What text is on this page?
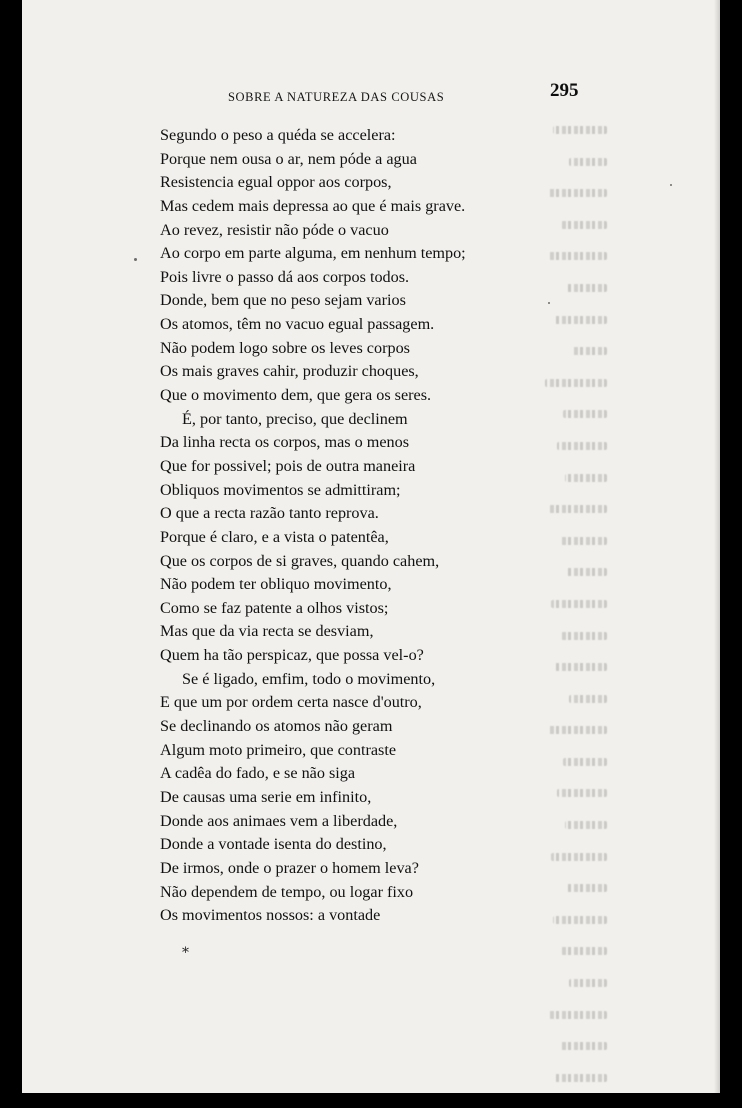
SOBRE A NATUREZA DAS COUSAS	295
Segundo o peso a quéda se accelera:
Porque nem ousa o ar, nem póde a agua
Resistencia egual oppor aos corpos,
Mas cedem mais depressa ao que é mais grave.
Ao revez, resistir não póde o vacuo
Ao corpo em parte alguma, em nenhum tempo;
Pois livre o passo dá aos corpos todos.
Donde, bem que no peso sejam varios
Os atomos, têm no vacuo egual passagem.
Não podem logo sobre os leves corpos
Os mais graves cahir, produzir choques,
Que o movimento dem, que gera os seres.
É, por tanto, preciso, que declinem
Da linha recta os corpos, mas o menos
Que for possivel; pois de outra maneira
Obliquos movimentos se admittiram;
O que a recta razão tanto reprova.
Porque é claro, e a vista o patentêa,
Que os corpos de si graves, quando cahem,
Não podem ter obliquo movimento,
Como se faz patente a olhos vistos;
Mas que da via recta se desviam,
Quem ha tão perspicaz, que possa vel-o?
Se é ligado, emfim, todo o movimento,
E que um por ordem certa nasce d'outro,
Se declinando os atomos não geram
Algum moto primeiro, que contraste
A cadêa do fado, e se não siga
De causas uma serie em infinito,
Donde aos animaes vem a liberdade,
Donde a vontade isenta do destino,
De irmos, onde o prazer o homem leva?
Não dependem de tempo, ou logar fixo
Os movimentos nossos: a vontade
*
